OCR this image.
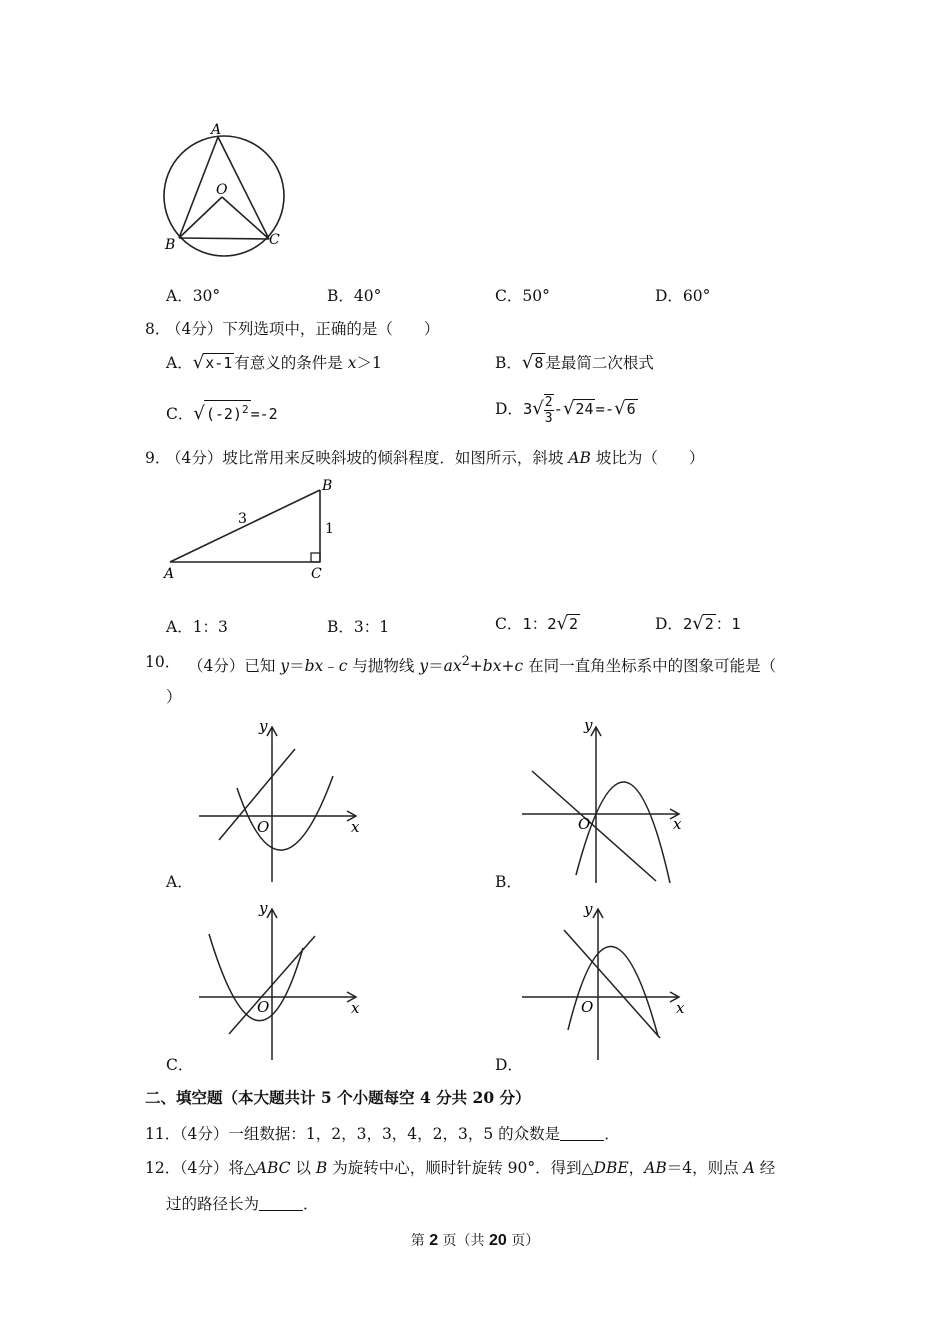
A
O
B	C
A．30°	B．40°	C．50°	D．60°
8．
（4分）下列选项中，正确的是（　　）
A．√x-1 有意义的条件是 x＞1	B．√8 是最简二次根式
C．$√(-2)^2 =-2$	D．$3√ \frac{2}{3} -√24 =-√6$
9．
（4分）坡比常用来反映斜坡的倾斜程度．如图所示，斜坡 AB 坡比为（　　）
A
B
C
3
1
A．1：3	B．3：1	C．1：2√2	D．2√2 ：1
10． （4分）已知 y＝bx﹣c 与抛物线 $y=ax^2+bx+c$ 在同一直角坐标系中的图象可能是（
）
y
x
O
A．
y
x
O
B．
y
x
O
C．
y
x
O
D．
二、填空题（本大题共计 5 个小题每空 4 分共 20 分）
11．
（4分）一组数据：1，2，3，3，4，2，3，5 的众数是	．
12．
（4分）将△ABC 以 B 为旋转中心，顺时针旋转 90°．得到△DBE，AB＝4，则点 A 经
过的路径长为	．
第 2 页（共 20 页）
